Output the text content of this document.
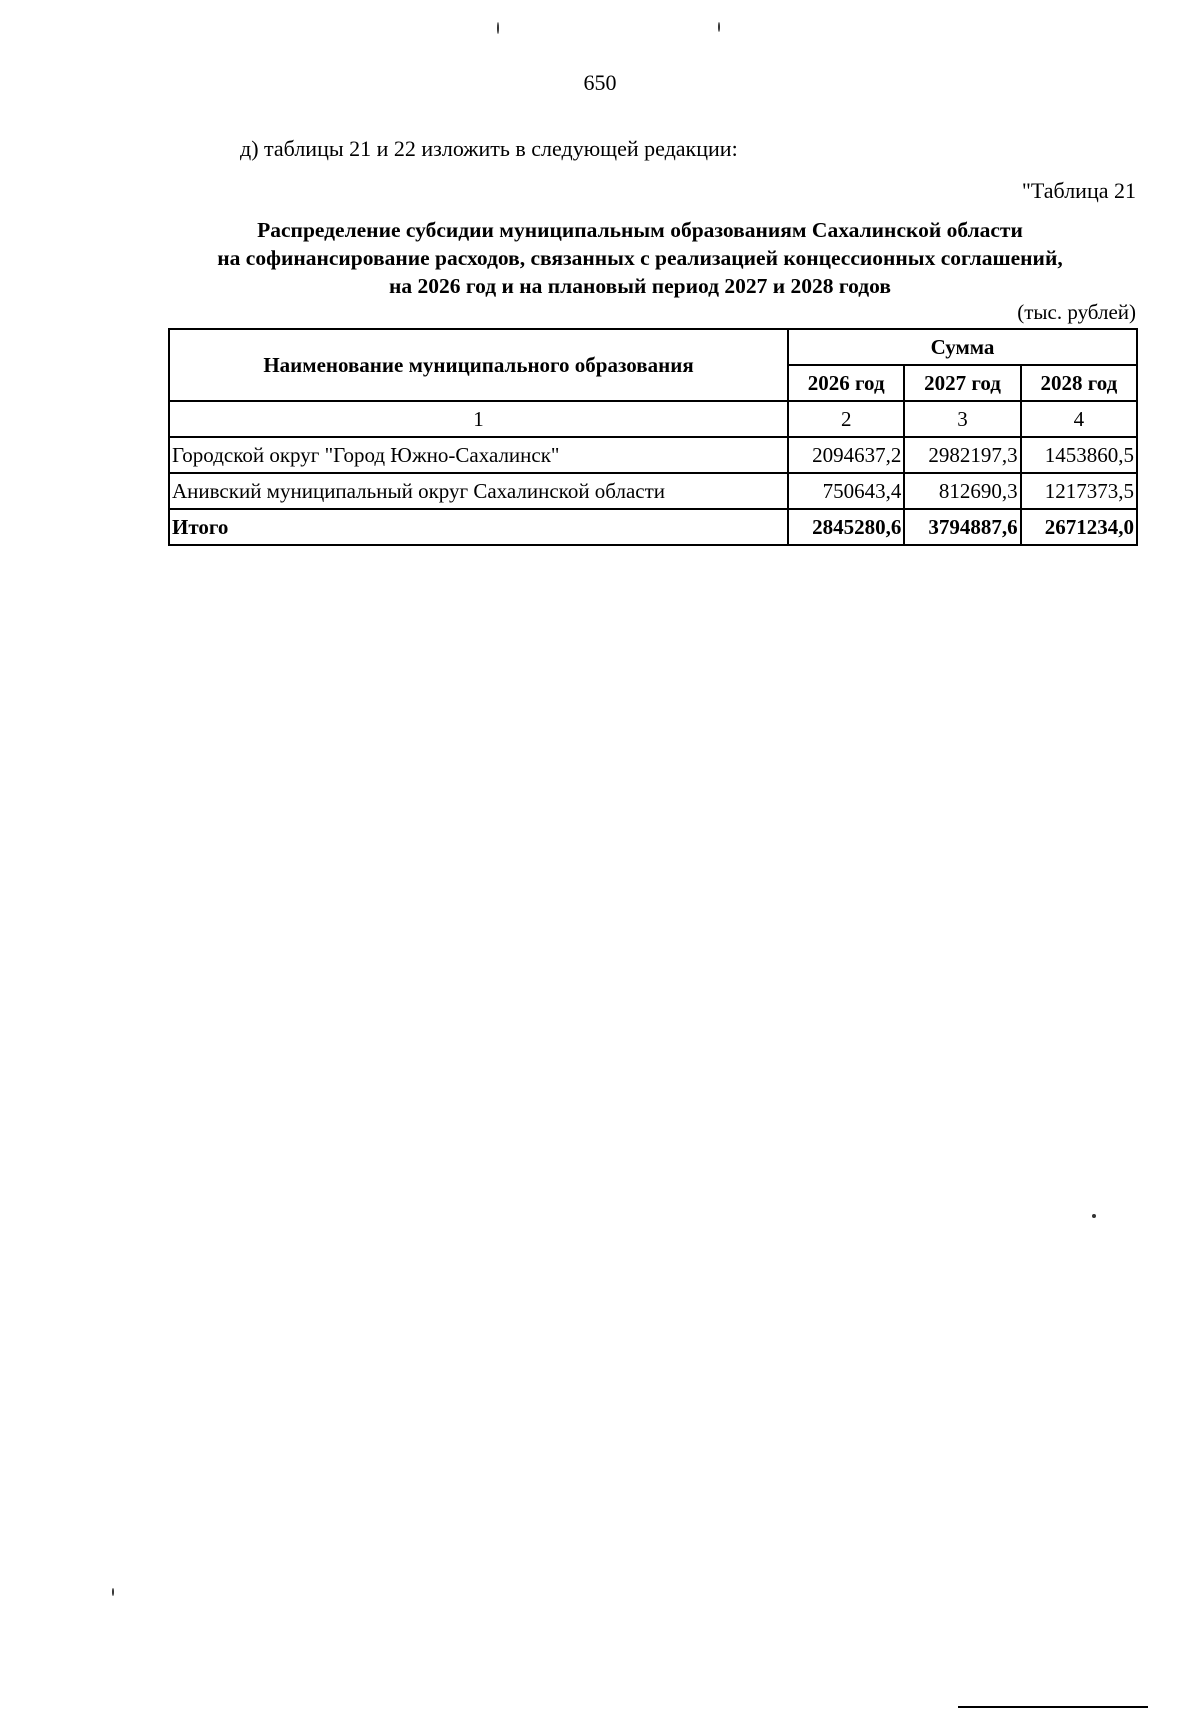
650
д) таблицы 21 и 22 изложить в следующей редакции:
"Таблица 21
Распределение субсидии муниципальным образованиям Сахалинской области
на софинансирование расходов, связанных с реализацией концессионных соглашений,
на 2026 год и на плановый период 2027 и 2028 годов
(тыс. рублей)
Наименование муниципального образования	Сумма		
	2026 год	2027 год	2028 год
1	2	3	4
Городской округ "Город Южно-Сахалинск"	2094637,2	2982197,3	1453860,5
Анивский муниципальный округ Сахалинской области	750643,4	812690,3	1217373,5
Итого	2845280,6	3794887,6	2671234,0
